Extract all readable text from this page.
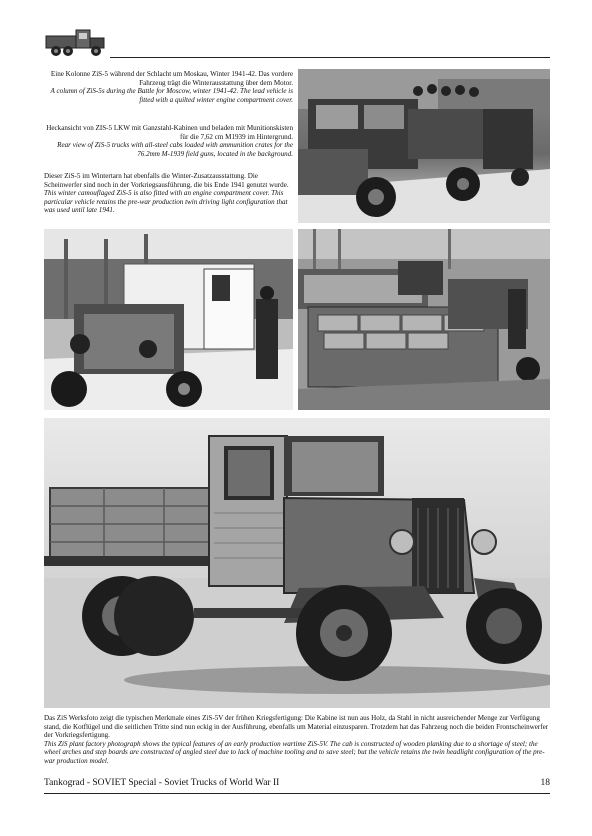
Eine Kolonne ZiS-5 während der Schlacht um Moskau, Winter 1941-42. Das vordere Fahrzeug trägt die Winterausstattung über dem Motor.
A column of ZiS-5s during the Battle for Moscow, winter 1941-42. The lead vehicle is fitted with a quilted winter engine compartment cover.
Heckansicht von ZIS-5 LKW mit Ganzstahl-Kabinen und beladen mit Munitionskisten für die 7,62 cm M1939 im Hintergrund.
Rear view of ZiS-5 trucks with all-steel cabs loaded with ammunition crates for the 76.2mm M-1939 field guns, located in the background.
Dieser ZiS-5 im Wintertarn hat ebenfalls die Winter-Zusatzausstattung. Die Scheinwerfer sind noch in der Vorkriegsausführung, die bis Ende 1941 genutzt wurde.
This winter camouflaged ZiS-5 is also fitted with an engine compartment cover. This particular vehicle retains the pre-war production twin driving light configuration that was used until late 1941.
Das ZiS Werksfoto zeigt die typischen Merkmale eines ZiS-5V der frühen Kriegsfertigung: Die Kabine ist nun aus Holz, da Stahl in nicht ausreichender Menge zur Verfügung stand, die Kotflügel und die seitlichen Tritte sind nun eckig in der Ausführung, ebenfalls um Material einzusparen. Trotzdem hat das Fahrzeug noch die beiden Frontscheinwerfer der Vorkriegsfertigung.
This ZiS plant factory photograph shows the typical features of an early production wartime ZiS-5V. The cab is constructed of wooden planking due to a shortage of steel; the wheel arches and step boards are constructed of angled steel due to lack of machine tooling and to save steel; but the vehicle retains the twin headlight configuration of the pre-war production model.
Tankograd - SOVIET Special - Soviet Trucks of World War II	18
